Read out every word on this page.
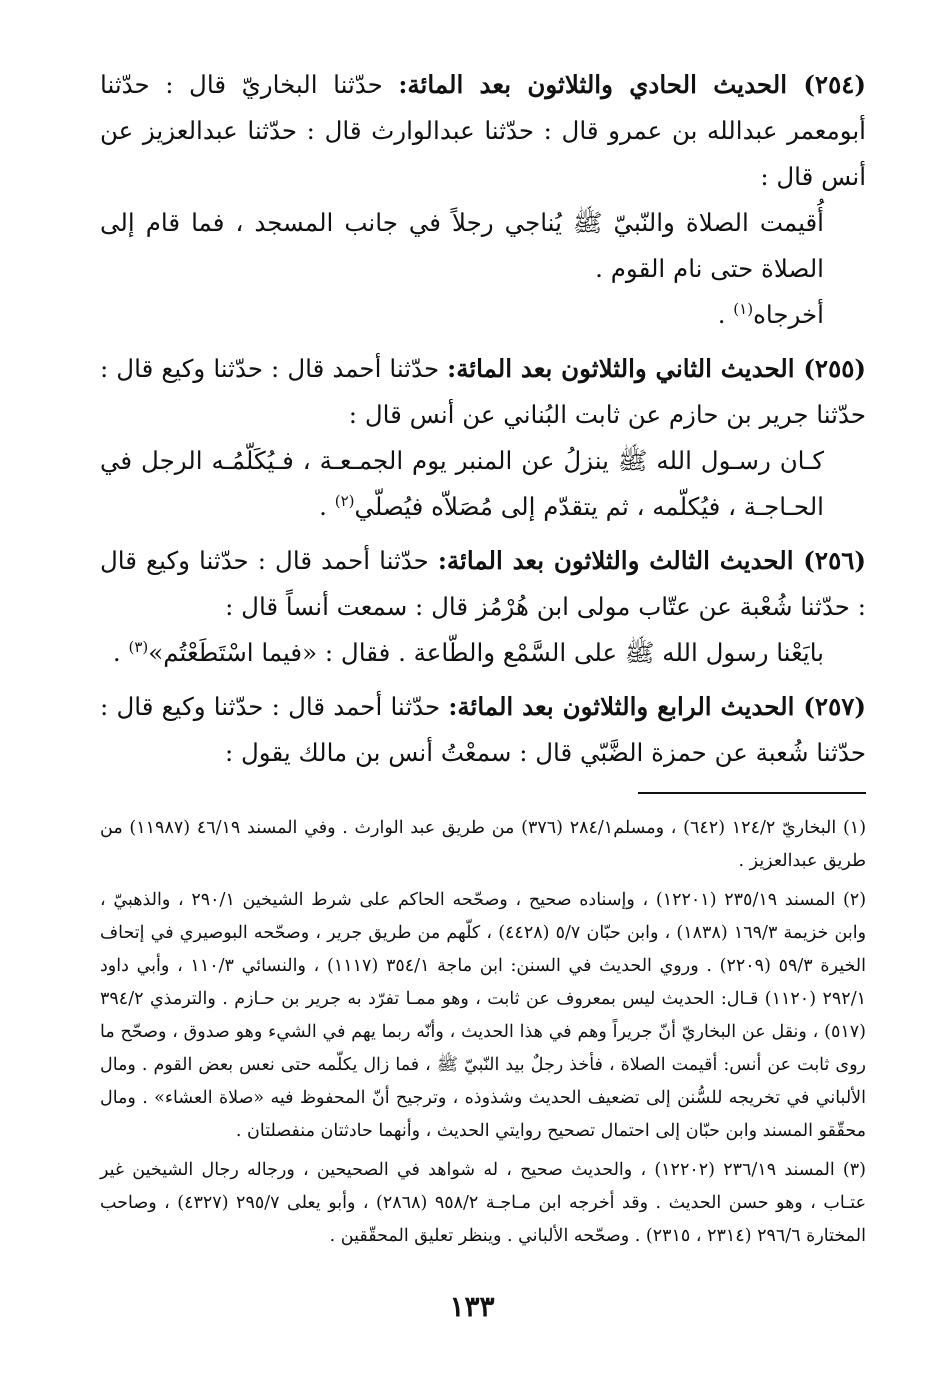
(٢٥٤) الحديث الحادي والثلاثون بعد المائة: حدّثنا البخاريّ قال : حدّثنا أبومعمر عبدالله بن عمرو قال : حدّثنا عبدالوارث قال : حدّثنا عبدالعزيز عن أنس قال :

أُقيمت الصلاة والنّبيّ ﷺ يُناجي رجلاً في جانب المسجد ، فما قام إلى الصلاة حتى نام القوم .

أخرجاه$^{(١)}$ .

(٢٥٥) الحديث الثاني والثلاثون بعد المائة: حدّثنا أحمد قال : حدّثنا وكيع قال : حدّثنا جرير بن حازم عن ثابت البُناني عن أنس قال :

كـان رسـول الله ﷺ ينزلُ عن المنبر يوم الجمـعـة ، فـيُكَلّمُـه الرجل في الحـاجـة ، فيُكلّمه ، ثم يتقدّم إلى مُصَلاّه فيُصلّي$^{(٢)}$ .

(٢٥٦) الحديث الثالث والثلاثون بعد المائة: حدّثنا أحمد قال : حدّثنا وكيع قال : حدّثنا شُعْبة عن عتّاب مولى ابن هُرْمُز قال : سمعت أنساً قال :

بايَعْنا رسول الله ﷺ على السَّمْع والطّاعة . فقال : «فيما اسْتَطَعْتُم»$^{(٣)}$ .

(٢٥٧) الحديث الرابع والثلاثون بعد المائة: حدّثنا أحمد قال : حدّثنا وكيع قال : حدّثنا شُعبة عن حمزة الضَّبّي قال : سمعْتُ أنس بن مالك يقول :

(١) البخاريّ ١٢٤/٢ (٦٤٢) ، ومسلم٢٨٤/١ (٣٧٦) من طريق عبد الوارث . وفي المسند ٤٦/١٩ (١١٩٨٧) من طريق عبدالعزيز .

(٢) المسند ٢٣٥/١٩ (١٢٢٠١) ، وإسناده صحيح ، وصحّحه الحاكم على شرط الشيخين ٢٩٠/١ ، والذهبيّ ، وابن خزيمة ١٦٩/٣ (١٨٣٨) ، وابن حبّان ٥/٧ (٤٤٢٨) ، كلّهم من طريق جرير ، وصحّحه البوصيري في إتحاف الخيرة ٥٩/٣ (٢٢٠٩) . وروي الحديث في السنن: ابن ماجة ٣٥٤/١ (١١١٧) ، والنسائي ١١٠/٣ ، وأبي داود ٢٩٢/١ (١١٢٠) قـال: الحديث ليس بمعروف عن ثابت ، وهو ممـا تفرّد به جرير بن حـازم . والترمذي ٣٩٤/٢ (٥١٧) ، ونقل عن البخاريّ أنّ جريراً وهم في هذا الحديث ، وأنّه ربما يهم في الشيء وهو صدوق ، وصحّح ما روى ثابت عن أنس: أقيمت الصلاة ، فأخذ رجلٌ بيد النّبيّ ﷺ ، فما زال يكلّمه حتى نعس بعض القوم . ومال الألباني في تخريجه للسُّنن إلى تضعيف الحديث وشذوذه ، وترجيح أنّ المحفوظ فيه «صلاة العشاء» . ومال محقّقو المسند وابن حبّان إلى احتمال تصحيح روايتي الحديث ، وأنهما حادثتان منفصلتان .

(٣) المسند ٢٣٦/١٩ (١٢٢٠٢) ، والحديث صحيح ، له شواهد في الصحيحين ، ورجاله رجال الشيخين غير عتـاب ، وهو حسن الحديث . وقد أخرجه ابن مـاجـة ٩٥٨/٢ (٢٨٦٨) ، وأبو يعلى ٢٩٥/٧ (٤٣٢٧) ، وصاحب المختارة ٢٩٦/٦ (٢٣١٤ ، ٢٣١٥) . وصحّحه الألباني . وينظر تعليق المحقّقين .

١٣٣
